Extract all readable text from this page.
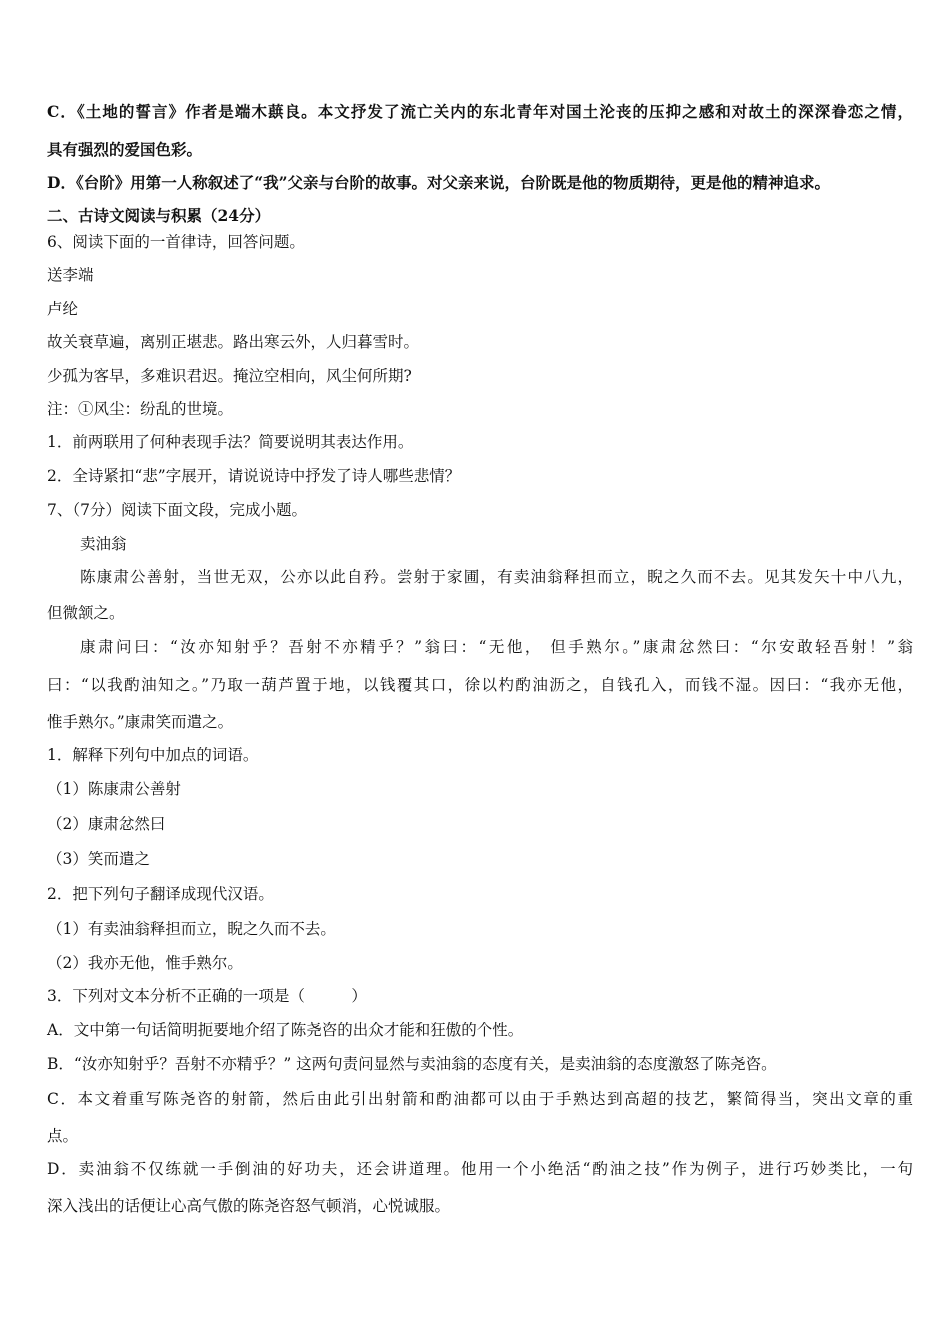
C．《土地的誓言》作者是端木蕻良。本文抒发了流亡关内的东北青年对国土沦丧的压抑之感和对故土的深深眷恋之情，
具有强烈的爱国色彩。
D．《台阶》用第一人称叙述了“我”父亲与台阶的故事。对父亲来说，台阶既是他的物质期待，更是他的精神追求。
二、古诗文阅读与积累（24分）
6、阅读下面的一首律诗，回答问题。
送李端
卢纶
故关衰草遍，离别正堪悲。路出寒云外，人归暮雪时。
少孤为客早，多难识君迟。掩泣空相向，风尘何所期?
注：①风尘：纷乱的世境。
1．前两联用了何种表现手法？简要说明其表达作用。
2．全诗紧扣“悲”字展开，请说说诗中抒发了诗人哪些悲情？
7、（7分）阅读下面文段，完成小题。
卖油翁
陈康肃公善射，当世无双，公亦以此自矜。尝射于家圃，有卖油翁释担而立，睨之久而不去。见其发矢十中八九，
但微颔之。
康肃问曰：“汝亦知射乎？吾射不亦精乎？”翁曰：“无他， 但手熟尔。”康肃忿然曰：“尔安敢轻吾射！”翁
曰：“以我酌油知之。”乃取一葫芦置于地，以钱覆其口，徐以杓酌油沥之，自钱孔入，而钱不湿。因曰：“我亦无他，
惟手熟尔。”康肃笑而遣之。
1．解释下列句中加点的词语。
（1）陈康肃公善射
（2）康肃忿然曰
（3）笑而遣之
2．把下列句子翻译成现代汉语。
（1）有卖油翁释担而立，睨之久而不去。
（2）我亦无他，惟手熟尔。
3．下列对文本分析不正确的一项是（　　　）
A．文中第一句话简明扼要地介绍了陈尧咨的出众才能和狂傲的个性。
B．“汝亦知射乎？吾射不亦精乎？” 这两句责问显然与卖油翁的态度有关，是卖油翁的态度激怒了陈尧咨。
C．本文着重写陈尧咨的射箭，然后由此引出射箭和酌油都可以由于手熟达到高超的技艺，繁简得当，突出文章的重
点。
D．卖油翁不仅练就一手倒油的好功夫，还会讲道理。他用一个小绝活“酌油之技”作为例子，进行巧妙类比，一句
深入浅出的话便让心高气傲的陈尧咨怒气顿消，心悦诚服。
